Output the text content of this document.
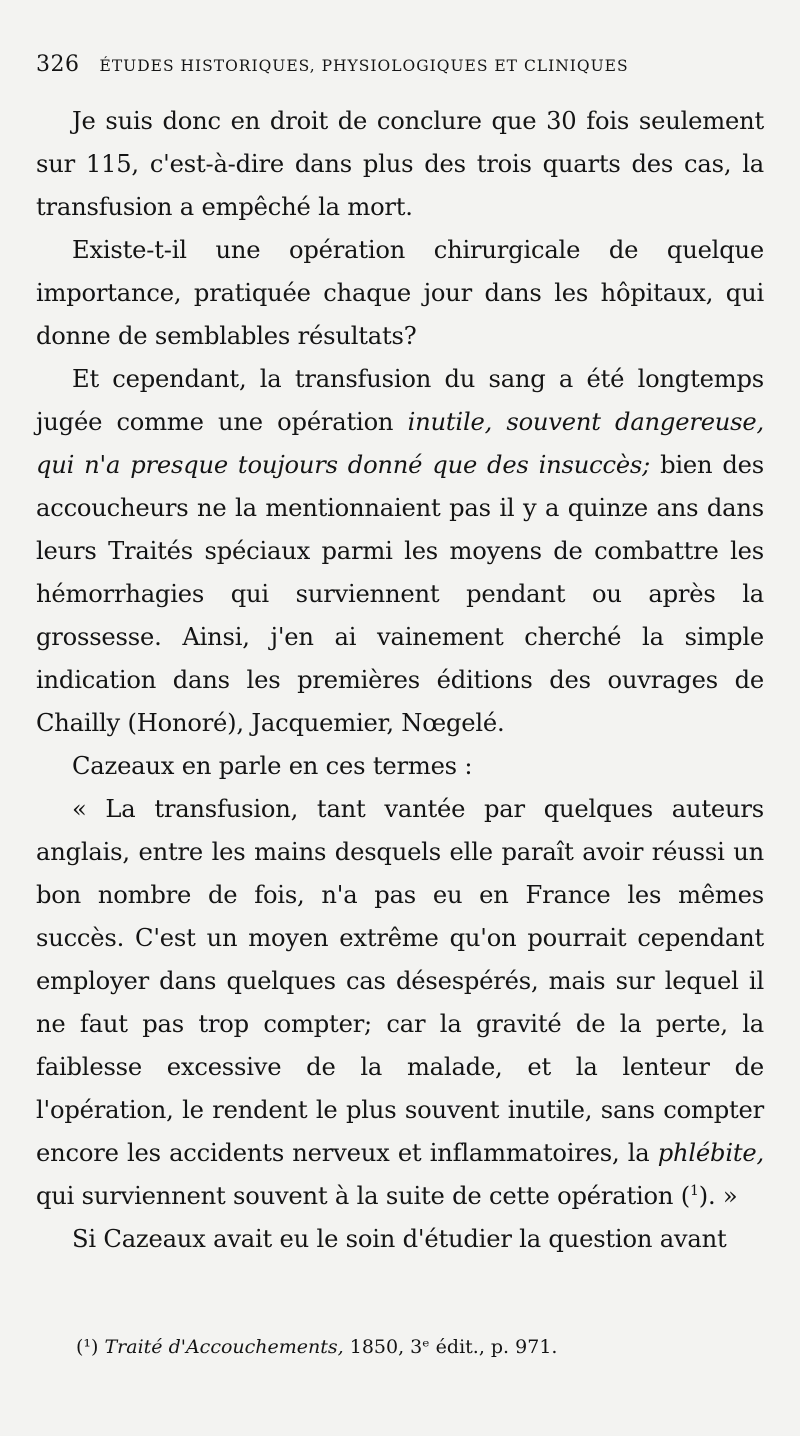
326 ÉTUDES HISTORIQUES, PHYSIOLOGIQUES ET CLINIQUES

Je suis donc en droit de conclure que 30 fois seulement sur 115, c'est-à-dire dans plus des trois quarts des cas, la transfusion a empêché la mort.

Existe-t-il une opération chirurgicale de quelque importance, pratiquée chaque jour dans les hôpitaux, qui donne de semblables résultats?

Et cependant, la transfusion du sang a été longtemps jugée comme une opération inutile, souvent dangereuse, qui n'a presque toujours donné que des insuccès; bien des accoucheurs ne la mentionnaient pas il y a quinze ans dans leurs Traités spéciaux parmi les moyens de combattre les hémorrhagies qui surviennent pendant ou après la grossesse. Ainsi, j'en ai vainement cherché la simple indication dans les premières éditions des ouvrages de Chailly (Honoré), Jacquemier, Nœgelé.

Cazeaux en parle en ces termes :

« La transfusion, tant vantée par quelques auteurs anglais, entre les mains desquels elle paraît avoir réussi un bon nombre de fois, n'a pas eu en France les mêmes succès. C'est un moyen extrême qu'on pourrait cependant employer dans quelques cas désespérés, mais sur lequel il ne faut pas trop compter; car la gravité de la perte, la faiblesse excessive de la malade, et la lenteur de l'opération, le rendent le plus souvent inutile, sans compter encore les accidents nerveux et inflammatoires, la phlébite, qui surviennent souvent à la suite de cette opération ($^1$). »

Si Cazeaux avait eu le soin d'étudier la question avant

(¹) Traité d'Accouchements, 1850, 3ᵉ édit., p. 971.
